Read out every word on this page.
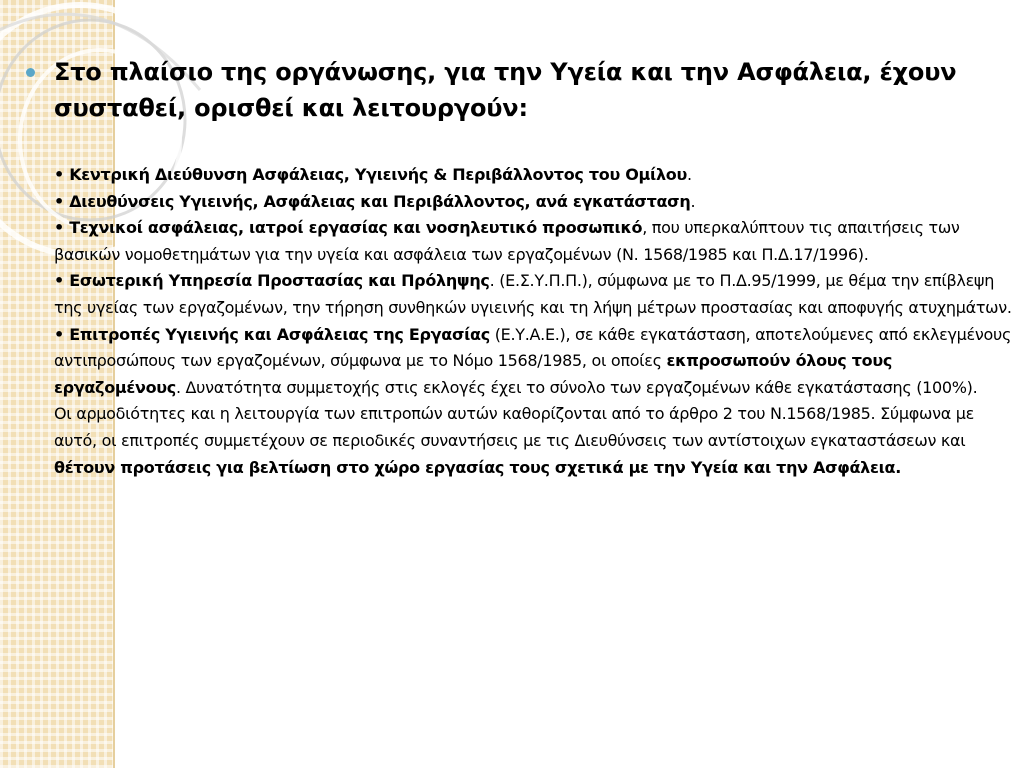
Στο πλαίσιο της οργάνωσης, για την Υγεία και την Ασφάλεια, έχουν συσταθεί, ορισθεί και λειτουργούν:
• Κεντρική Διεύθυνση Ασφάλειας, Υγιεινής & Περιβάλλοντος του Ομίλου.
• Διευθύνσεις Υγιεινής, Ασφάλειας και Περιβάλλοντος, ανά εγκατάσταση.
• Τεχνικοί ασφάλειας, ιατροί εργασίας και νοσηλευτικό προσωπικό, που υπερκαλύπτουν τις απαιτήσεις των βασικών νομοθετημάτων για την υγεία και ασφάλεια των εργαζομένων (Ν. 1568/1985 και Π.Δ.17/1996).
• Εσωτερική Υπηρεσία Προστασίας και Πρόληψης. (Ε.Σ.Υ.Π.Π.), σύμφωνα με το Π.Δ.95/1999, με θέμα την επίβλεψη της υγείας των εργαζομένων, την τήρηση συνθηκών υγιεινής και τη λήψη μέτρων προστασίας και αποφυγής ατυχημάτων.
• Επιτροπές Υγιεινής και Ασφάλειας της Εργασίας (Ε.Υ.Α.Ε.), σε κάθε εγκατάσταση, αποτελούμενες από εκλεγμένους αντιπροσώπους των εργαζομένων, σύμφωνα με το Νόμο 1568/1985, οι οποίες εκπροσωπούν όλους τους εργαζομένους. Δυνατότητα συμμετοχής στις εκλογές έχει το σύνολο των εργαζομένων κάθε εγκατάστασης (100%).
Οι αρμοδιότητες και η λειτουργία των επιτροπών αυτών καθορίζονται από το άρθρο 2 του Ν.1568/1985. Σύμφωνα με αυτό, οι επιτροπές συμμετέχουν σε περιοδικές συναντήσεις με τις Διευθύνσεις των αντίστοιχων εγκαταστάσεων και θέτουν προτάσεις για βελτίωση στο χώρο εργασίας τους σχετικά με την Υγεία και την Ασφάλεια.
